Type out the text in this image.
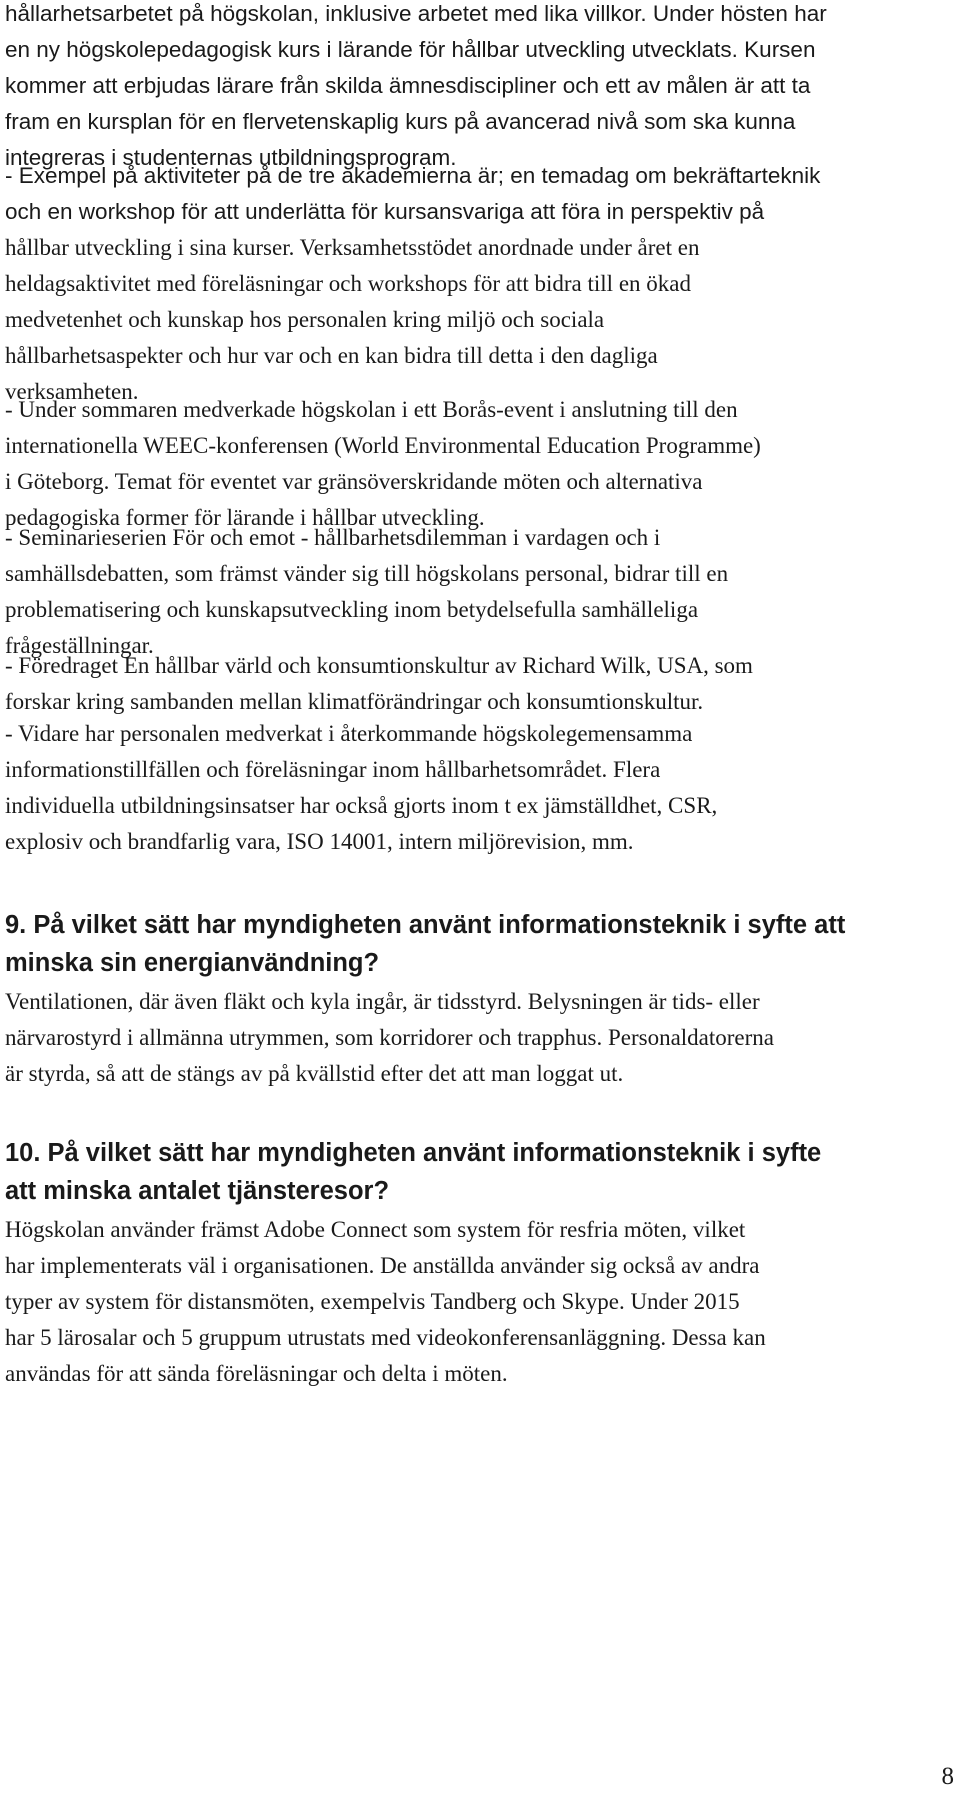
hållarhetsarbetet på högskolan, inklusive arbetet med lika villkor. Under hösten har
en ny högskolepedagogisk kurs i lärande för hållbar utveckling utvecklats. Kursen
kommer att erbjudas lärare från skilda ämnesdiscipliner och ett av målen är att ta
fram en kursplan för en flervetenskaplig kurs på avancerad nivå som ska kunna
integreras i studenternas utbildningsprogram.
- Exempel på aktiviteter på de tre akademierna är; en temadag om bekräftarteknik
och en workshop för att underlätta för kursansvariga att föra in perspektiv på
hållbar utveckling i sina kurser. Verksamhetsstödet anordnade under året en
heldagsaktivitet med föreläsningar och workshops för att bidra till en ökad
medvetenhet och kunskap hos personalen kring miljö och sociala
hållbarhetsaspekter och hur var och en kan bidra till detta i den dagliga
verksamheten.
- Under sommaren medverkade högskolan i ett Borås-event i anslutning till den
internationella WEEC-konferensen (World Environmental Education Programme)
i Göteborg. Temat för eventet var gränsöverskridande möten och alternativa
pedagogiska former för lärande i hållbar utveckling.
- Seminarieserien För och emot - hållbarhetsdilemman i vardagen och i
samhällsdebatten, som främst vänder sig till högskolans personal, bidrar till en
problematisering och kunskapsutveckling inom betydelsefulla samhälleliga
frågeställningar.
- Föredraget En hållbar värld och konsumtionskultur av Richard Wilk, USA, som
forskar kring sambanden mellan klimatförändringar och konsumtionskultur.
- Vidare har personalen medverkat i återkommande högskolegemensamma
informationstillfällen och föreläsningar inom hållbarhetsområdet. Flera
individuella utbildningsinsatser har också gjorts inom t ex jämställdhet, CSR,
explosiv och brandfarlig vara, ISO 14001, intern miljörevision, mm.
9. På vilket sätt har myndigheten använt informationsteknik i syfte att
minska sin energianvändning?
Ventilationen, där även fläkt och kyla ingår, är tidsstyrd. Belysningen är tids- eller
närvarostyrd i allmänna utrymmen, som korridorer och trapphus. Personaldatorerna
är styrda, så att de stängs av på kvällstid efter det att man loggat ut.
10. På vilket sätt har myndigheten använt informationsteknik i syfte
att minska antalet tjänsteresor?
Högskolan använder främst Adobe Connect som system för resfria möten, vilket
har implementerats väl i organisationen. De anställda använder sig också av andra
typer av system för distansmöten, exempelvis Tandberg och Skype. Under 2015
har 5 lärosalar och 5 gruppum utrustats med videokonferensanläggning. Dessa kan
användas för att sända föreläsningar och delta i möten.
8
